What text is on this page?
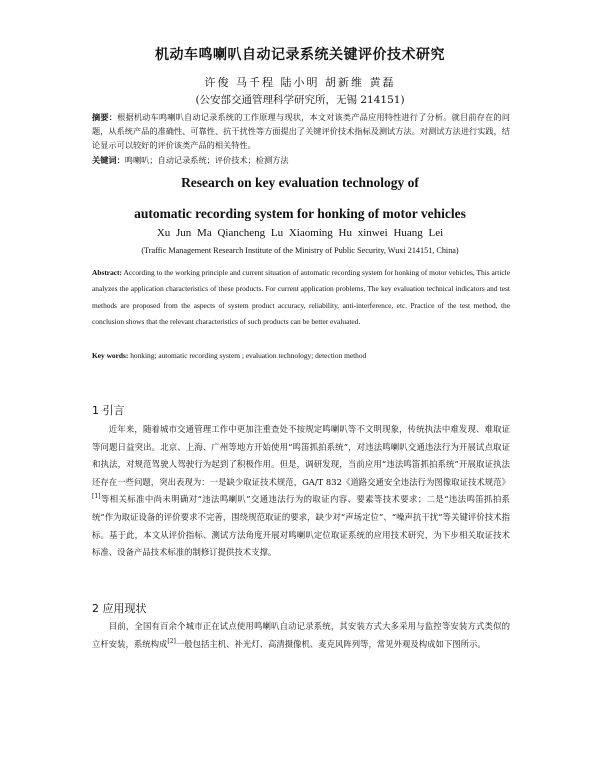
机动车鸣喇叭自动记录系统关键评价技术研究
许俊 马千程 陆小明 胡新维 黄磊
(公安部交通管理科学研究所，无锡 214151)
摘要：根据机动车鸣喇叭自动记录系统的工作原理与现状，本文对该类产品应用特性进行了分析。就目前存在的问题，从系统产品的准确性、可靠性、抗干扰性等方面提出了关键评价技术指标及测试方法。对测试方法进行实践，结论显示可以较好的评价该类产品的相关特性。
关键词：鸣喇叭；自动记录系统；评价技术；检测方法
Research on key evaluation technology of
automatic recording system for honking of motor vehicles
Xu Jun Ma Qiancheng Lu Xiaoming Hu xinwei Huang Lei
(Traffic Management Research Institute of the Ministry of Public Security, Wuxi 214151, China)
Abstract: According to the working principle and current situation of automatic recording system for honking of motor vehicles, This article analyzes the application characteristics of these products. For current application problems, The key evaluation technical indicators and test methods are proposed from the aspects of system product accuracy, reliability, anti-interference, etc. Practice of the test method, the conclusion shows that the relevant characteristics of such products can be better evaluated.
Key words: honking; automatic recording system ; evaluation technology; detection method
1 引言
近年来，随着城市交通管理工作中更加注重查处不按规定鸣喇叭等不文明现象，传统执法中难发现、难取证等问题日益突出。北京、上海、广州等地方开始使用“鸣笛抓拍系统”，对违法鸣喇叭交通违法行为开展试点取证和执法，对规范驾驶人驾驶行为起到了积极作用。但是，调研发现，当前应用“违法鸣笛抓拍系统”开展取证执法还存在一些问题，突出表现为：一是缺少取证技术规范，GA/T 832《道路交通安全违法行为图像取证技术规范》[1]等相关标准中尚未明确对“违法鸣喇叭”交通违法行为的取证内容、要素等技术要求；二是“违法鸣笛抓拍系统”作为取证设备的评价要求不完善，围绕规范取证的要求，缺少对“声场定位”、“噪声抗干扰”等关键评价技术指标。基于此，本文从评价指标、测试方法角度开展对鸣喇叭定位取证系统的应用技术研究，为下步相关取证技术标准、设备产品技术标准的制修订提供技术支撑。
2 应用现状
目前，全国有百余个城市正在试点使用鸣喇叭自动记录系统，其安装方式大多采用与监控等安装方式类似的立杆安装，系统构成[2]一般包括主机、补光灯、高清摄像机、麦克风阵列等，常见外观及构成如下图所示。
